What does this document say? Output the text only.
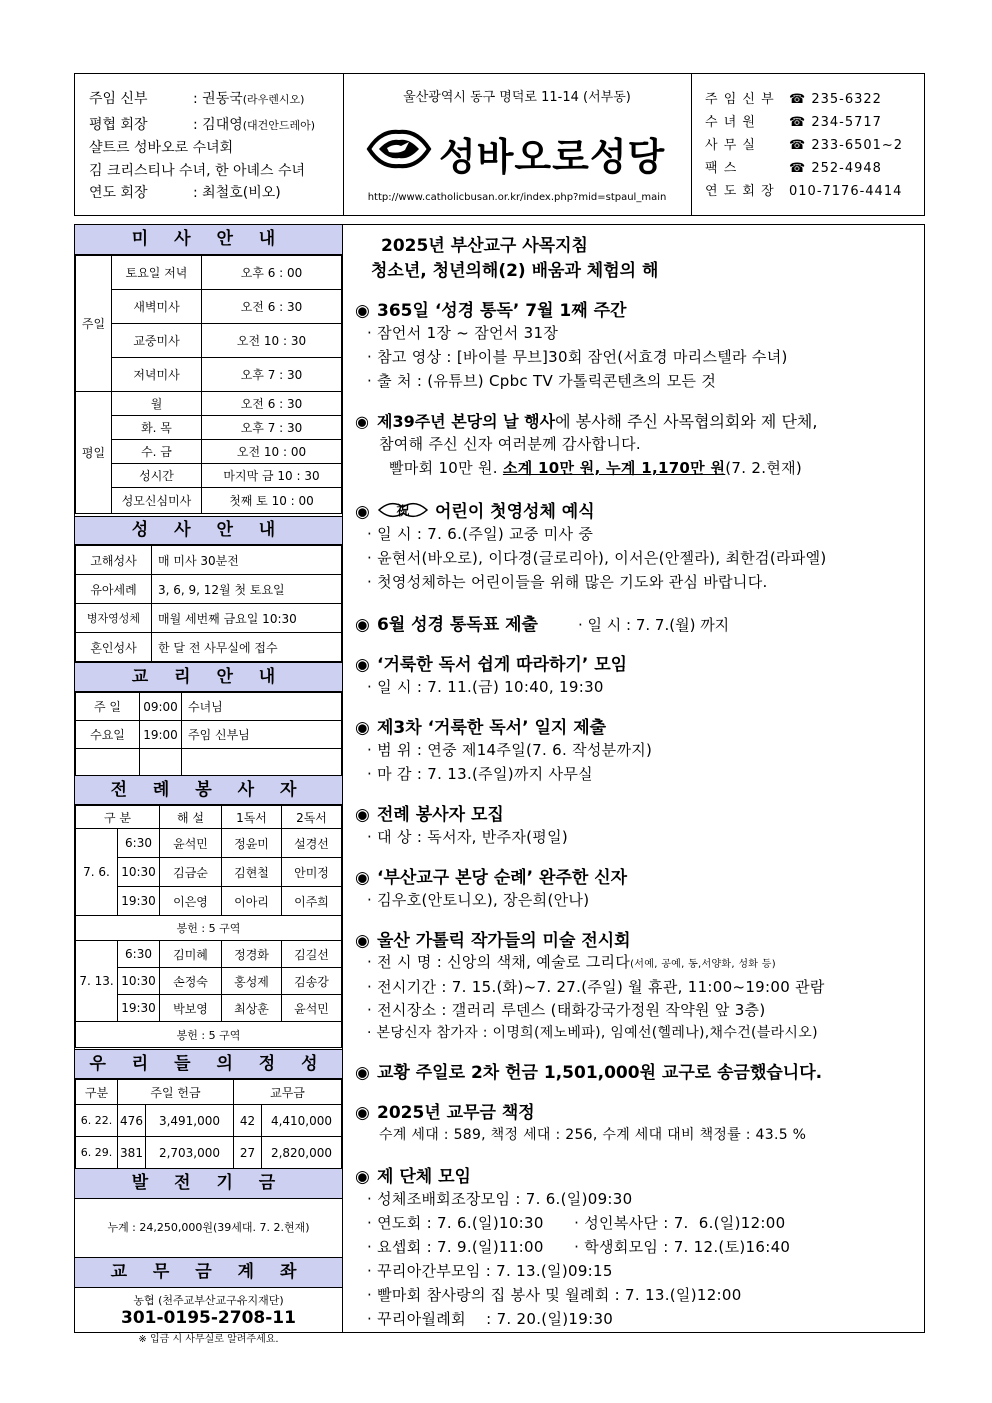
주임 신부	: 권동국(라우렌시오)
평협 회장	: 김대영(대건안드레아)
샬트르 성바오로 수녀회
김 크리스티나 수녀, 한 아녜스 수녀
연도 회장	: 최철호(비오)
울산광역시 동구 명덕로 11-14 (서부동)
성바오로성당
http://www.catholicbusan.or.kr/index.php?mid=stpaul_main
주 임 신 부 ☎ 235-6322
수 녀 원	☎ 234-5717
사 무 실	☎ 233-6501~2
팩 스	☎ 252-4948
연 도 회 장 010-7176-4414
미 사 안 내
주일	토요일 저녁	오후 6 : 00
	새벽미사	오전 6 : 30
	교중미사	오전 10 : 30
	저녁미사	오후 7 : 30
평일	월	오전 6 : 30
	화. 목	오후 7 : 30
	수. 금	오전 10 : 00
	성시간	마지막 금 10 : 30
	성모신심미사	첫째 토 10 : 00
성 사 안 내
고해성사	매 미사 30분전
유아세례	3, 6, 9, 12월 첫 토요일
병자영성체	매월 세번째 금요일 10:30
혼인성사	한 달 전 사무실에 접수
교 리 안 내
주 일	09:00	수녀님
수요일	19:00	주임 신부님

전 례 봉 사 자
구 분		해 설	1독서	2독서
7. 6.	6:30	윤석민	정윤미	설경선
	10:30	김금순	김현철	안미정
	19:30	이은영	이아리	이주희
봉헌 : 5 구역				
7. 13.	6:30	김미혜	정경화	김길선
	10:30	손정숙	홍성제	김송강
	19:30	박보영	최상훈	윤석민
봉헌 : 5 구역				
우 리 들 의 정 성
구분	주일 헌금		교무금	
6. 22.	476	3,491,000	42	4,410,000
6. 29.	381	2,703,000	27	2,820,000
발 전 기 금
누계 : 24,250,000원(39세대. 7. 2.현재)
교 무 금 계 좌
농협 (천주교부산교구유지재단)
301-0195-2708-11
※ 입금 시 사무실로 알려주세요.
2025년 부산교구 사목지침
청소년, 청년의해(2) 배움과 체험의 해
◉ 365일 ‘성경 통독’ 7월 1째 주간
· 잠언서 1장 ~ 잠언서 31장
· 참고 영상 : [바이블 무브]30회 잠언(서효경 마리스텔라 수녀)
· 출 처 : (유튜브) Cpbc TV 가톨릭콘텐츠의 모든 것
◉ 제39주년 본당의 날 행사에 봉사해 주신 사목협의회와 제 단체,
참여해 주신 신자 여러분께 감사합니다.
빨마회 10만 원. 소계 10만 원, 누계 1,170만 원(7. 2.현재)
◉ 祝 어린이 첫영성체 예식
· 일 시 : 7. 6.(주일) 교중 미사 중
· 윤현서(바오로), 이다경(글로리아), 이서은(안젤라), 최한검(라파엘)
· 첫영성체하는 어린이들을 위해 많은 기도와 관심 바랍니다.
◉ 6월 성경 통독표 제출	· 일 시 : 7. 7.(월) 까지
◉ ‘거룩한 독서 쉽게 따라하기’ 모임
· 일 시 : 7. 11.(금) 10:40, 19:30
◉ 제3차 ‘거룩한 독서’ 일지 제출
· 범 위 : 연중 제14주일(7. 6. 작성분까지)
· 마 감 : 7. 13.(주일)까지 사무실
◉ 전례 봉사자 모집
· 대 상 : 독서자, 반주자(평일)
◉ ‘부산교구 본당 순례’ 완주한 신자
· 김우호(안토니오), 장은희(안나)
◉ 울산 가톨릭 작가들의 미술 전시회
· 전 시 명 : 신앙의 색채, 예술로 그리다(서예, 공예, 동,서양화, 성화 등)
· 전시기간 : 7. 15.(화)~7. 27.(주일) 월 휴관, 11:00~19:00 관람
· 전시장소 : 갤러리 루덴스 (태화강국가정원 작약원 앞 3층)
· 본당신자 참가자 : 이명희(제노베파), 임예선(헬레나),채수건(블라시오)
◉ 교황 주일로 2차 헌금 1,501,000원 교구로 송금했습니다.
◉ 2025년 교무금 책정
수계 세대 : 589, 책정 세대 : 256, 수계 세대 대비 책정률 : 43.5 %
◉ 제 단체 모임
· 성체조배회조장모임 : 7. 6.(일)09:30
· 연도회 : 7. 6.(일)10:30      · 성인복사단 : 7.  6.(일)12:00
· 요셉회 : 7. 9.(일)11:00      · 학생회모임 : 7. 12.(토)16:40
· 꾸리아간부모임 : 7. 13.(일)09:15
· 빨마회 참사랑의 집 봉사 및 월례회 : 7. 13.(일)12:00
· 꾸리아월례회    : 7. 20.(일)19:30
